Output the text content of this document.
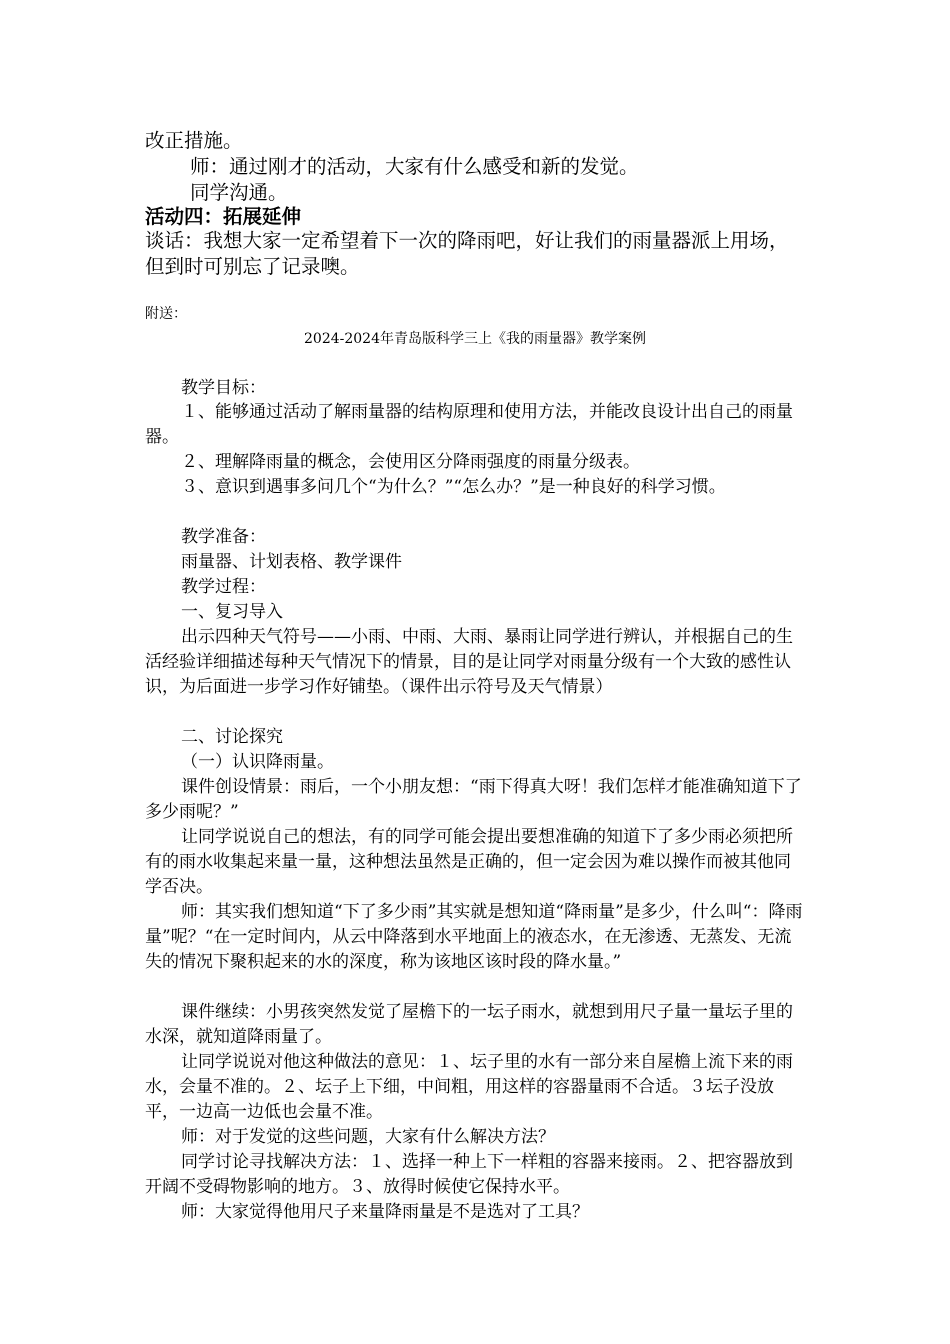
改正措施。
师：通过刚才的活动，大家有什么感受和新的发觉。
同学沟通。
活动四：拓展延伸
谈话：我想大家一定希望着下一次的降雨吧，好让我们的雨量器派上用场，但到时可别忘了记录噢。
附送：
2024-2024年青岛版科学三上《我的雨量器》教学案例
教学目标：
１、能够通过活动了解雨量器的结构原理和使用方法，并能改良设计出自己的雨量器。
２、理解降雨量的概念，会使用区分降雨强度的雨量分级表。
３、意识到遇事多问几个“为什么？”“怎么办？”是一种良好的科学习惯。
教学准备：
雨量器、计划表格、教学课件
教学过程：
一、复习导入
出示四种天气符号——小雨、中雨、大雨、暴雨让同学进行辨认，并根据自己的生活经验详细描述每种天气情况下的情景，目的是让同学对雨量分级有一个大致的感性认识，为后面进一步学习作好铺垫。（课件出示符号及天气情景）
二、讨论探究
（一）认识降雨量。
课件创设情景：雨后，一个小朋友想：“雨下得真大呀！我们怎样才能准确知道下了多少雨呢？”
让同学说说自己的想法，有的同学可能会提出要想准确的知道下了多少雨必须把所有的雨水收集起来量一量，这种想法虽然是正确的，但一定会因为难以操作而被其他同学否决。
师：其实我们想知道“下了多少雨”其实就是想知道“降雨量”是多少，什么叫“：降雨量”呢？“在一定时间内，从云中降落到水平地面上的液态水，在无渗透、无蒸发、无流失的情况下聚积起来的水的深度，称为该地区该时段的降水量。”
课件继续：小男孩突然发觉了屋檐下的一坛子雨水，就想到用尺子量一量坛子里的水深，就知道降雨量了。
让同学说说对他这种做法的意见：１、坛子里的水有一部分来自屋檐上流下来的雨水，会量不准的。２、坛子上下细，中间粗，用这样的容器量雨不合适。３坛子没放平，一边高一边低也会量不准。
师：对于发觉的这些问题，大家有什么解决方法？
同学讨论寻找解决方法：１、选择一种上下一样粗的容器来接雨。２、把容器放到开阔不受碍物影响的地方。３、放得时候使它保持水平。
师：大家觉得他用尺子来量降雨量是不是选对了工具？
